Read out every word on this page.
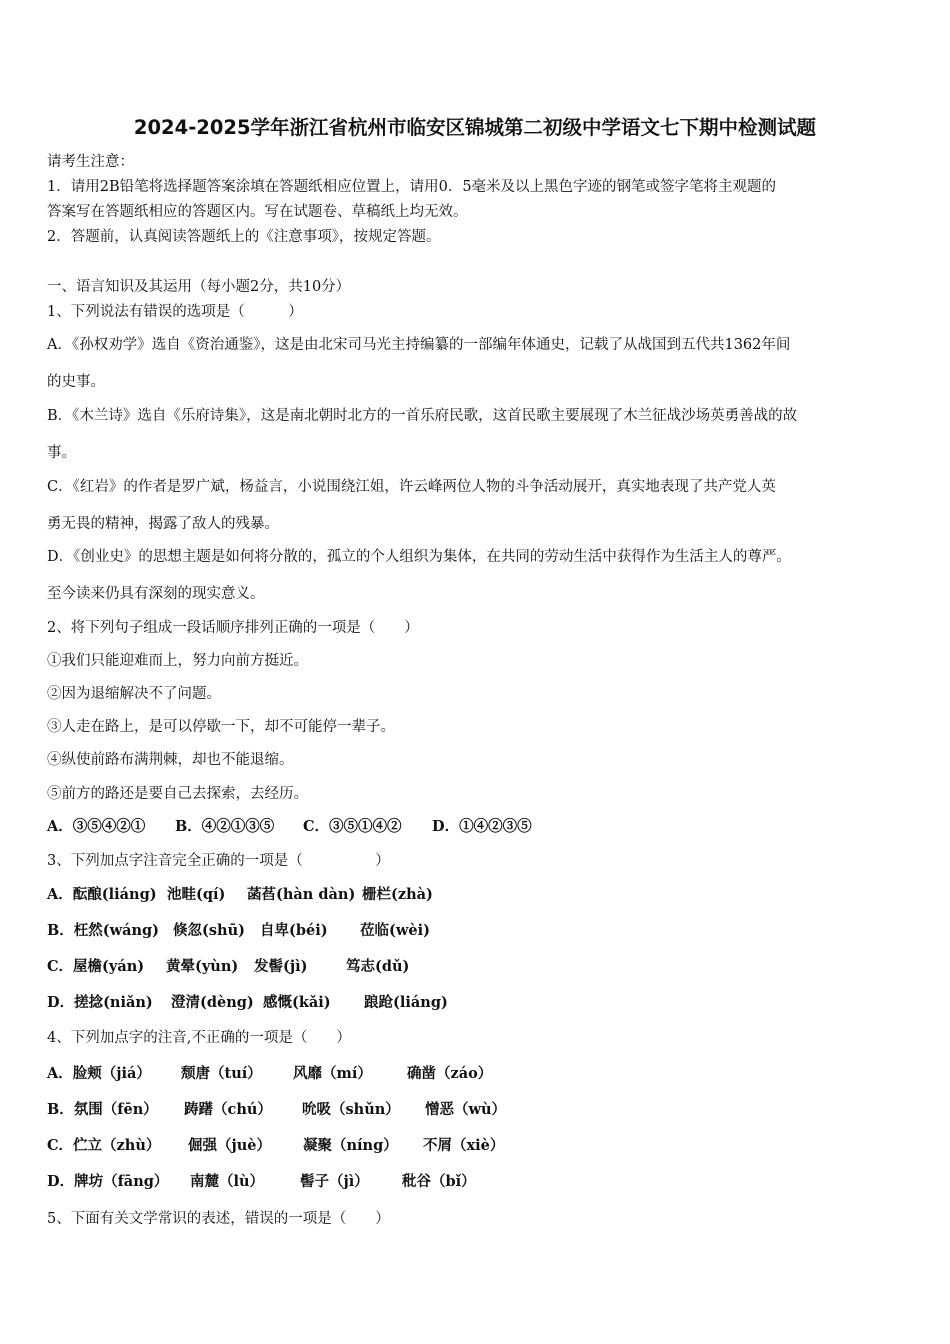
2024-2025学年浙江省杭州市临安区锦城第二初级中学语文七下期中检测试题
请考生注意：
1．请用2B铅笔将选择题答案涂填在答题纸相应位置上，请用0．5毫米及以上黑色字迹的钢笔或签字笔将主观题的
答案写在答题纸相应的答题区内。写在试题卷、草稿纸上均无效。
2．答题前，认真阅读答题纸上的《注意事项》，按规定答题。
一、语言知识及其运用（每小题2分，共10分）
1、下列说法有错误的选项是（　　　）
A．《孙权劝学》选自《资治通鉴》，这是由北宋司马光主持编纂的一部编年体通史，记载了从战国到五代共1362年间
的史事。
B．《木兰诗》选自《乐府诗集》，这是南北朝时北方的一首乐府民歌，这首民歌主要展现了木兰征战沙场英勇善战的故
事。
C．《红岩》的作者是罗广斌，杨益言，小说围绕江姐，许云峰两位人物的斗争活动展开，真实地表现了共产党人英
勇无畏的精神，揭露了敌人的残暴。
D．《创业史》的思想主题是如何将分散的，孤立的个人组织为集体，在共同的劳动生活中获得作为生活主人的尊严。
至今读来仍具有深刻的现实意义。
2、将下列句子组成一段话顺序排列正确的一项是（　　）
①我们只能迎难而上，努力向前方挺近。
②因为退缩解决不了问题。
③人走在路上，是可以停歇一下，却不可能停一辈子。
④纵使前路布满荆棘，却也不能退缩。
⑤前方的路还是要自己去探索，去经历。
A．③⑤④②① B．④②①③⑤ C．③⑤①④② D．①④②③⑤
3、下列加点字注音完全正确的一项是（　　　　　）
A．酝酿(liáng) 池畦(qí) 菡萏(hàn dàn) 栅栏(zhà)
B．枉然(wáng) 倏忽(shū) 自卑(béi) 莅临(wèi)
C．屋檐(yán) 黄晕(yùn) 发髻(jì)	笃志(dǔ)
D．搓捻(niǎn) 澄清(dèng) 感慨(kǎi) 踉跄(liáng)
4、下列加点字的注音,不正确的一项是（　　）
A．脸颊（jiá） 颓唐（tuí） 风靡（mí） 确凿（záo）
B．氛围（fēn） 踌躇（chú） 吮吸（shǔn） 憎恶（wù）
C．伫立（zhù） 倔强（juè） 凝聚（níng） 不屑（xiè）
D．牌坊（fāng） 南麓（lù） 髻子（jì） 秕谷（bǐ）
5、下面有关文学常识的表述，错误的一项是（　　）
